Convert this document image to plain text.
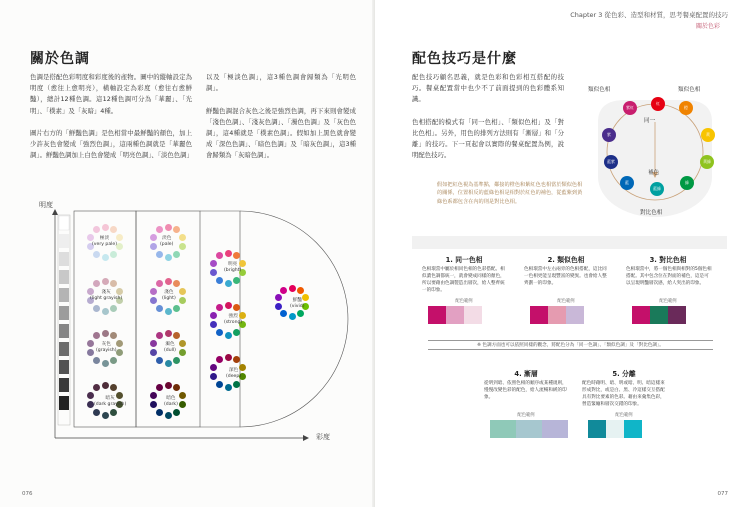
關於色調
色調是搭配色彩明度和彩度後的產物。圖中的縱軸設定為明度（愈往上愈明亮），橫軸設定為彩度（愈往右愈鮮豔），總計12種色調。這12種色調可分為「華麗」、「光明」、「樸素」及「灰暗」4種。

圖片右方的「鮮豔色調」是色相當中最鮮豔的顏色，加上少許灰色會變成「強烈色調」，這兩種色調就是「華麗色調」。鮮豔色調加上白色會變成「明亮色調」、「淡色色調」
以及「極淡色調」，這3種色調會歸類為「光明色調」。

鮮豔色調混合灰色之後是強烈色調，再下來則會變成「淺色色調」、「淺灰色調」、「濁色色調」及「灰色色調」，這4種就是「樸素色調」。假如加上黑色就會變成「深色色調」、「暗色色調」及「暗灰色調」，這3種會歸類為「灰暗色調」。
明度
彩度
極淡
(very pale)
淡色
(pale)
淺灰
(light grayish)
淺色
(light)
明亮
(bright)
灰色
(grayish)
濁色
(dull)
強烈
(strong)
鮮豔
(vivid)
深色
(deep)
暗灰
(dark grayish)
暗色
(dark)
076
Chapter 3 從色彩、造型和材質，思考餐桌配置的技巧
關於色彩
配色技巧是什麼
配色技巧顧名思義，就是色彩和色彩相互搭配的技巧。餐桌配置當中也少不了前面提到的色彩體系知識。

色相搭配的模式有「同一色相」、「類似色相」及「對比色相」。另外，用色的排列方法則有「漸層」和「分離」的技巧。下一頁起會以實際的餐桌配置為例，說明配色技巧。
077
紫紅
紅
橙
紫	黃
藍紫	黃綠
藍	綠
藍綠
類似色相	類似色相
同一
補色
對比色相
假如把紅色視為基準點，鄰接的橙色和紫紅色也相當於類似色相的關係，位置相反的藍綠色相是相對於紅色的補色，從藍紫到黃綠色系都包含在內的則是對比色相。
1. 同一色相
色相環當中屬於相同色相的色彩搭配。相似濃色調都統一，就會變成同樣的顏色，所以要藉由色調製造出層次，給人整齊統一的印象。
配色範例
2. 類似色相
色相環當中左右兩旁的色相搭配，這比同一色相更能呈現豐富的變異。也會給人整齊劃一的印象。
配色範例
3. 對比色相
色相環當中，將一個色相與相對的5個色相搭配。其中包含位在對面的補色，這是可以呈現明豔層次感，給人突出的印象。
配色範例
4. 漸層
從明到暗、依照色相的順序或某種規則，慢慢改變色彩的配色，給人流暢和緩的印象。
配色範例
5. 分離
配色時藉明、暗、明或暗、明、暗這樣來形成對比，或是白、黑、冷這樣交互搭配具有對比要素的色彩。藉由來彙集色彩，營造緊繃和層次交錯的印象。
配色範例
※ 色調方面也可以依照同樣的觀念，將配色分為「同一色調」、「類似色調」及「對比色調」。
